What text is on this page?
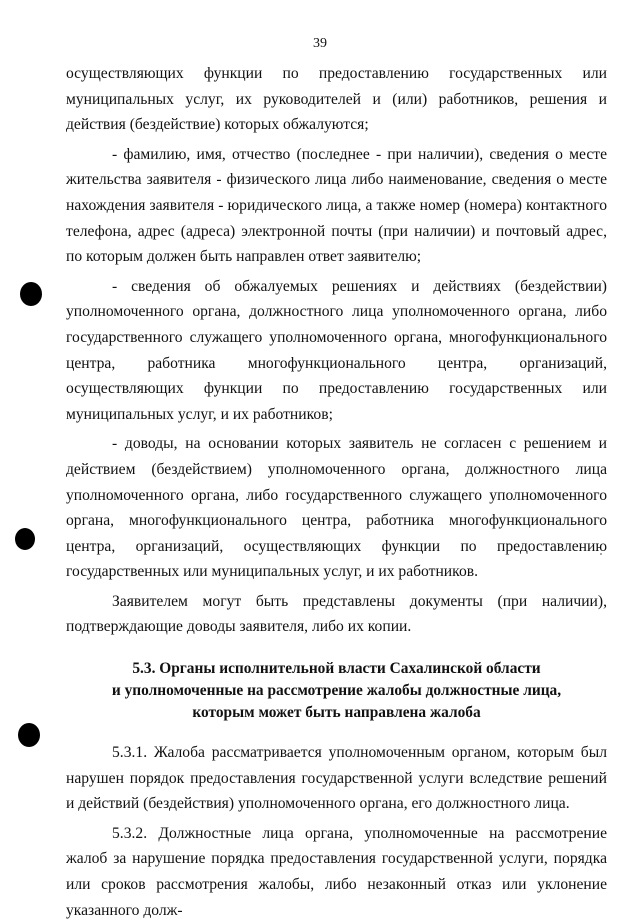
39

осуществляющих функции по предоставлению государственных или муниципальных услуг, их руководителей и (или) работников, решения и действия (бездействие) которых обжалуются;

- фамилию, имя, отчество (последнее - при наличии), сведения о месте жительства заявителя - физического лица либо наименование, сведения о месте нахождения заявителя - юридического лица, а также номер (номера) контактного телефона, адрес (адреса) электронной почты (при наличии) и почтовый адрес, по которым должен быть направлен ответ заявителю;

- сведения об обжалуемых решениях и действиях (бездействии) уполномоченного органа, должностного лица уполномоченного органа, либо государственного служащего уполномоченного органа, многофункционального центра, работника многофункционального центра, организаций, осуществляющих функции по предоставлению государственных или муниципальных услуг, и их работников;

- доводы, на основании которых заявитель не согласен с решением и действием (бездействием) уполномоченного органа, должностного лица уполномоченного органа, либо государственного служащего уполномоченного органа, многофункционального центра, работника многофункционального центра, организаций, осуществляющих функции по предоставлению государственных или муниципальных услуг, и их работников.

Заявителем могут быть представлены документы (при наличии), подтверждающие доводы заявителя, либо их копии.

5.3. Органы исполнительной власти Сахалинской области
и уполномоченные на рассмотрение жалобы должностные лица,
которым может быть направлена жалоба

5.3.1. Жалоба рассматривается уполномоченным органом, которым был нарушен порядок предоставления государственной услуги вследствие решений и действий (бездействия) уполномоченного органа, его должностного лица.

5.3.2. Должностные лица органа, уполномоченные на рассмотрение жалоб за нарушение порядка предоставления государственной услуги, порядка или сроков рассмотрения жалобы, либо незаконный отказ или уклонение указанного долж-
